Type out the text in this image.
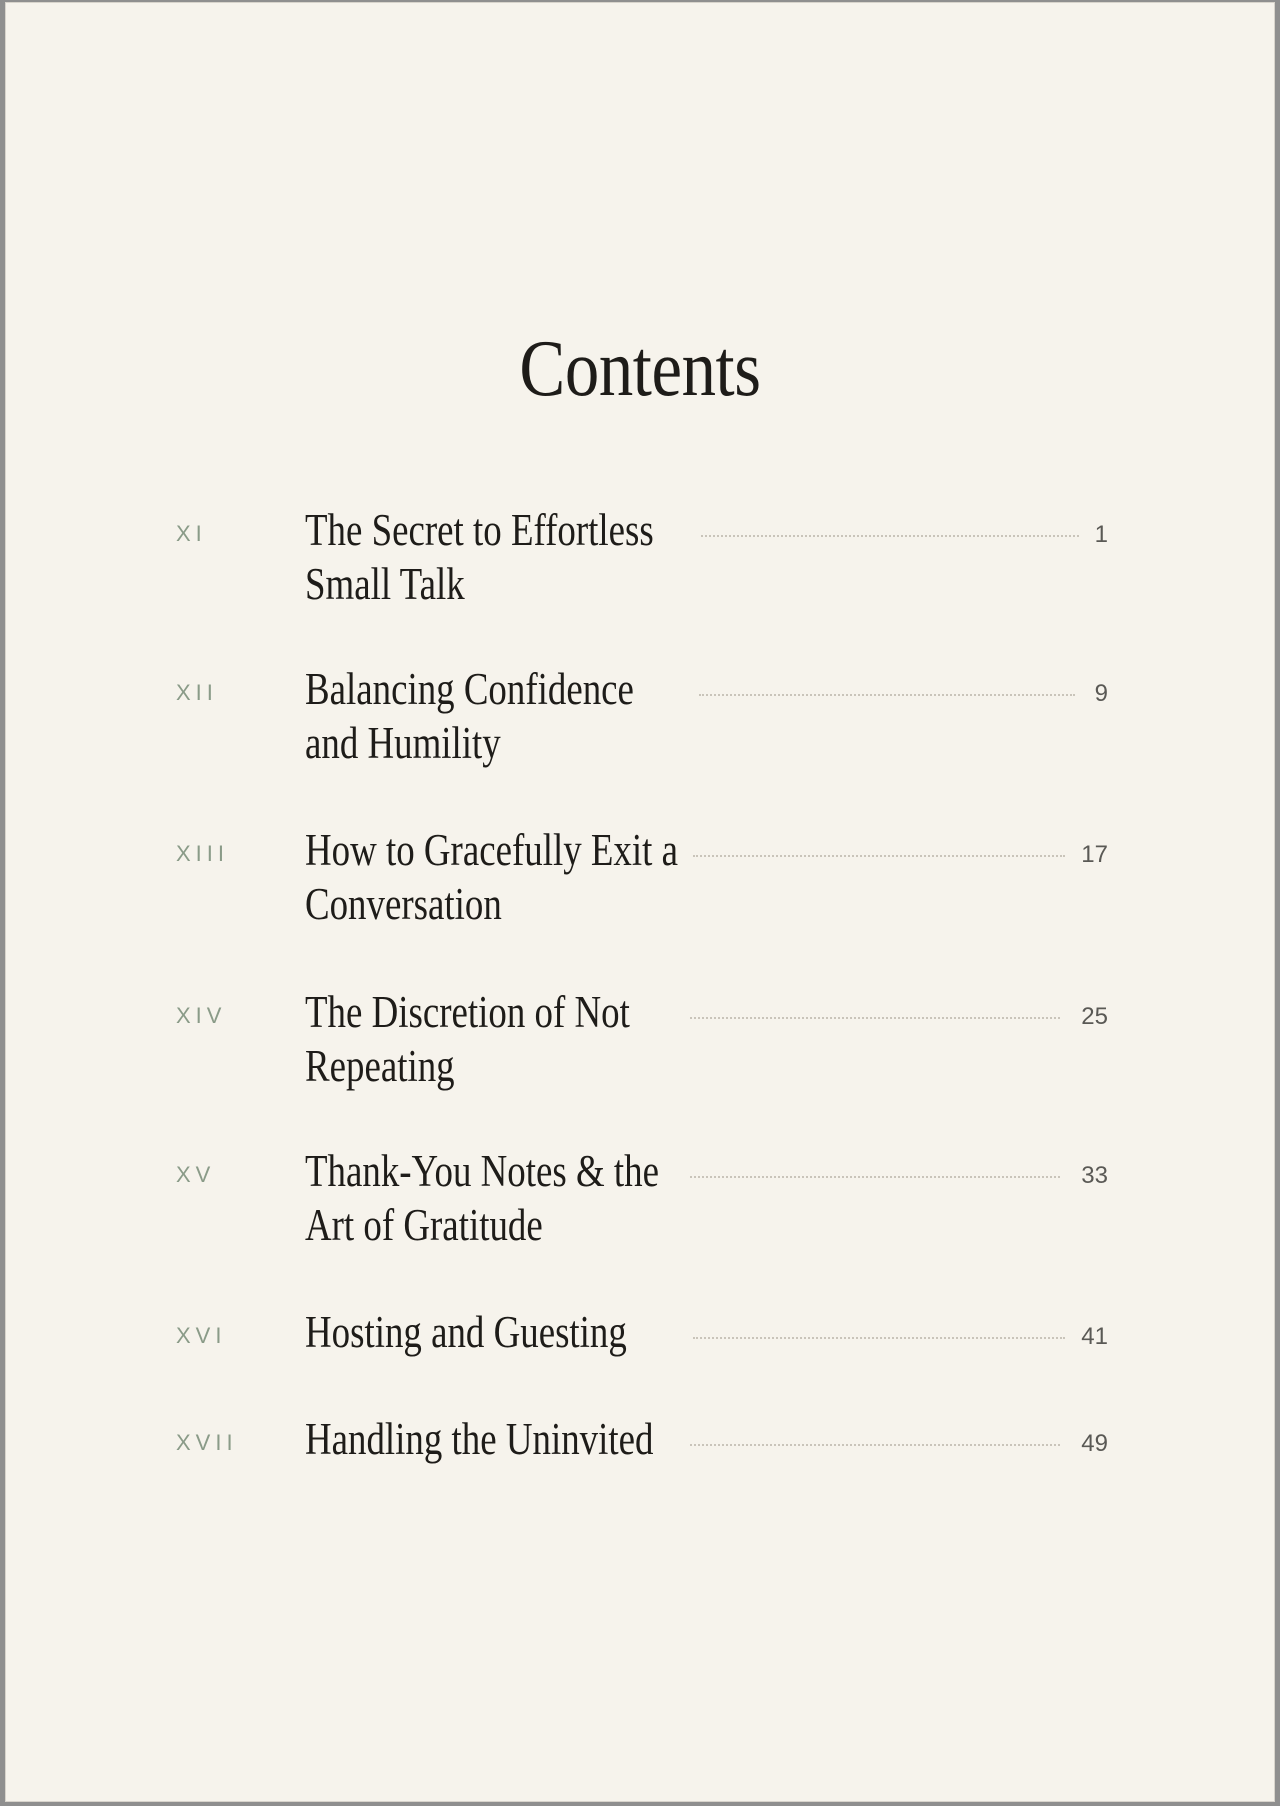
Contents
XI The Secret to Effortless Small Talk
1
XII Balancing Confidence and Humility
9
XIII How to Gracefully Exit a Conversation
17
XIV The Discretion of Not Repeating
25
XV Thank-You Notes & the Art of Gratitude
33
XVI Hosting and Guesting	41
XVII Handling the Uninvited	49
